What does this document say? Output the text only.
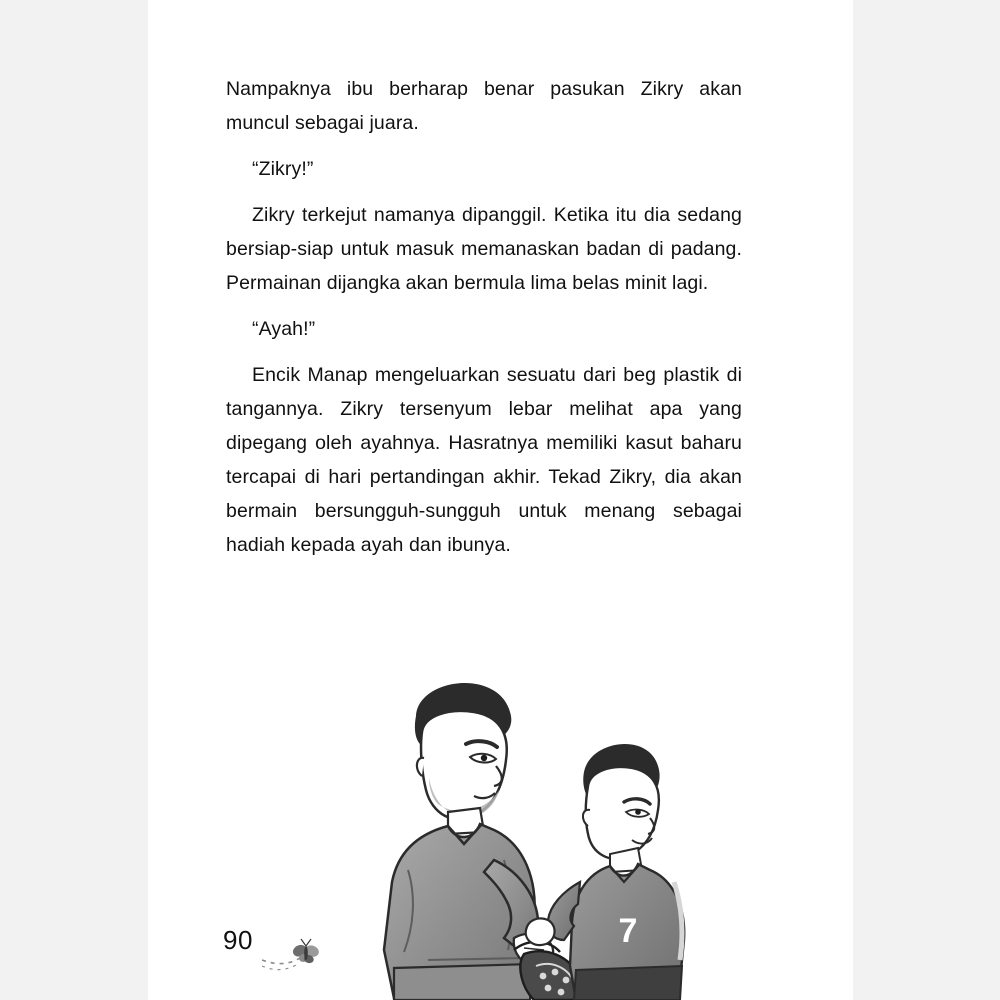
Nampaknya ibu berharap benar pasukan Zikry akan muncul sebagai juara.

“Zikry!”

Zikry terkejut namanya dipanggil. Ketika itu dia sedang bersiap-siap untuk masuk memanaskan badan di padang. Permainan dijangka akan bermula lima belas minit lagi.

“Ayah!”

Encik Manap mengeluarkan sesuatu dari beg plastik di tangannya. Zikry tersenyum lebar melihat apa yang dipegang oleh ayahnya. Hasratnya memiliki kasut baharu tercapai di hari pertandingan akhir. Tekad Zikry, dia akan bermain bersungguh-sungguh untuk menang sebagai hadiah kepada ayah dan ibunya.

90	7
